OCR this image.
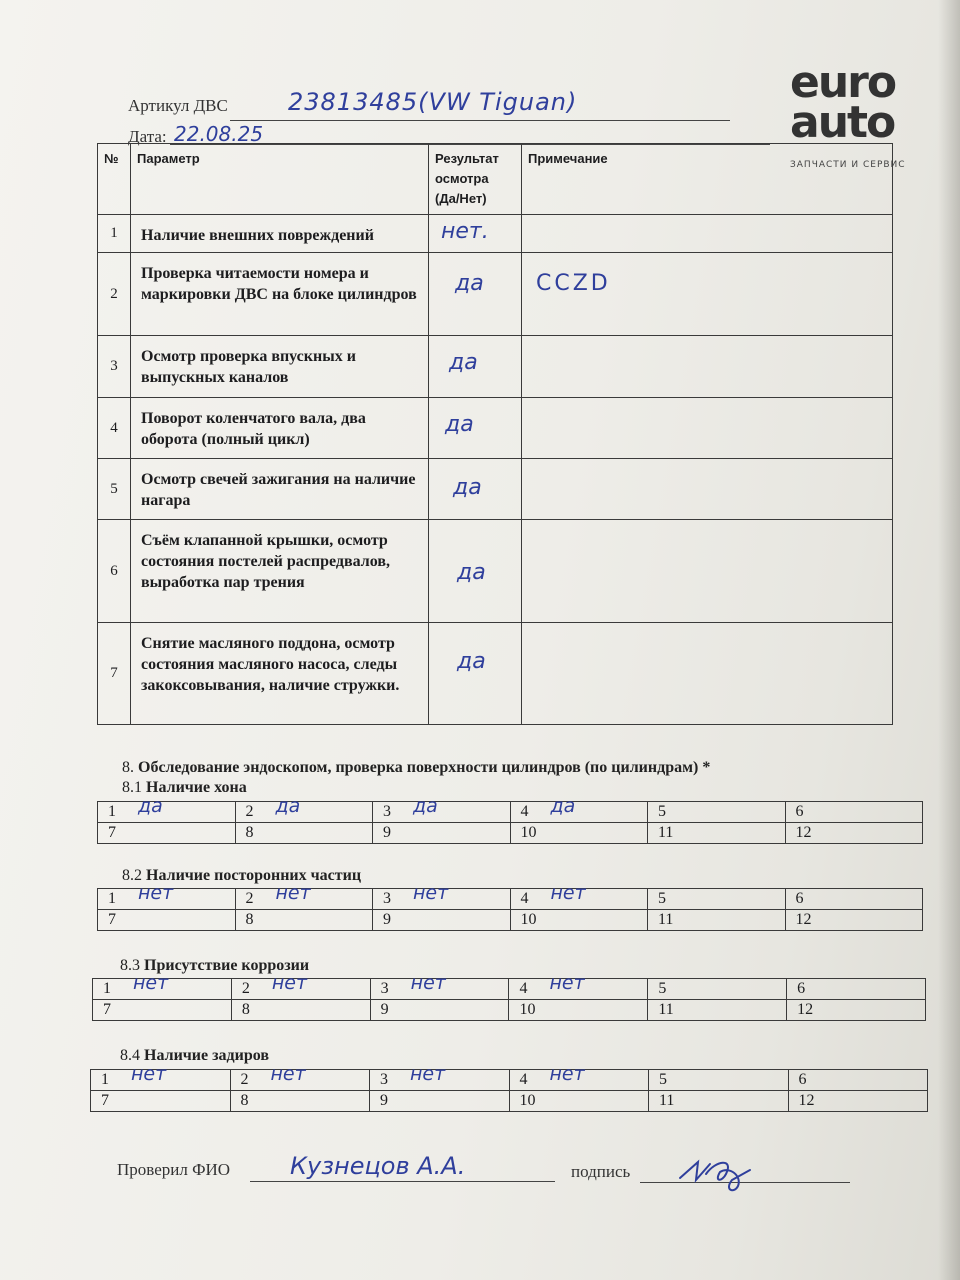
euro
auto
ЗАПЧАСТИ И СЕРВИС
Артикул ДВС	23813485(VW Tiguan)
Дата: 22.08.25
№	Параметр	Результат осмотра (Да/Нет)	Примечание
1	Наличие внешних повреждений	нет.	

2	Проверка читаемости номера и маркировки ДВС на блоке цилиндров	да	CCZD

3	Осмотр проверка впускных и выпускных каналов	да	

4	Поворот коленчатого вала, два оборота (полный цикл)	да	

5	Осмотр свечей зажигания на наличие нагара	да	

6	Съём клапанной крышки, осмотр состояния постелей распредвалов, выработка пар трения	да	

7	Снятие масляного поддона, осмотр состояния масляного насоса, следы закоксовывания, наличие стружки.	да	

8. Обследование эндоскопом, проверка поверхности цилиндров (по цилиндрам) *
8.1 Наличие хона
1 да	2 да	3 да	4 да	5	6

7	8	9	10	11	12
8.2 Наличие посторонних частиц
1 нет	2 нет	3 нет	4 нет	5	6

7	8	9	10	11	12
8.3 Присутствие коррозии
1 нет	2 нет	3 нет	4 нет	5	6

7	8	9	10	11	12
8.4 Наличие задиров
1 нет	2 нет	3 нет	4 нет	5	6

7	8	9	10	11	12
Проверил ФИО Кузнецов А.А.	подпись
